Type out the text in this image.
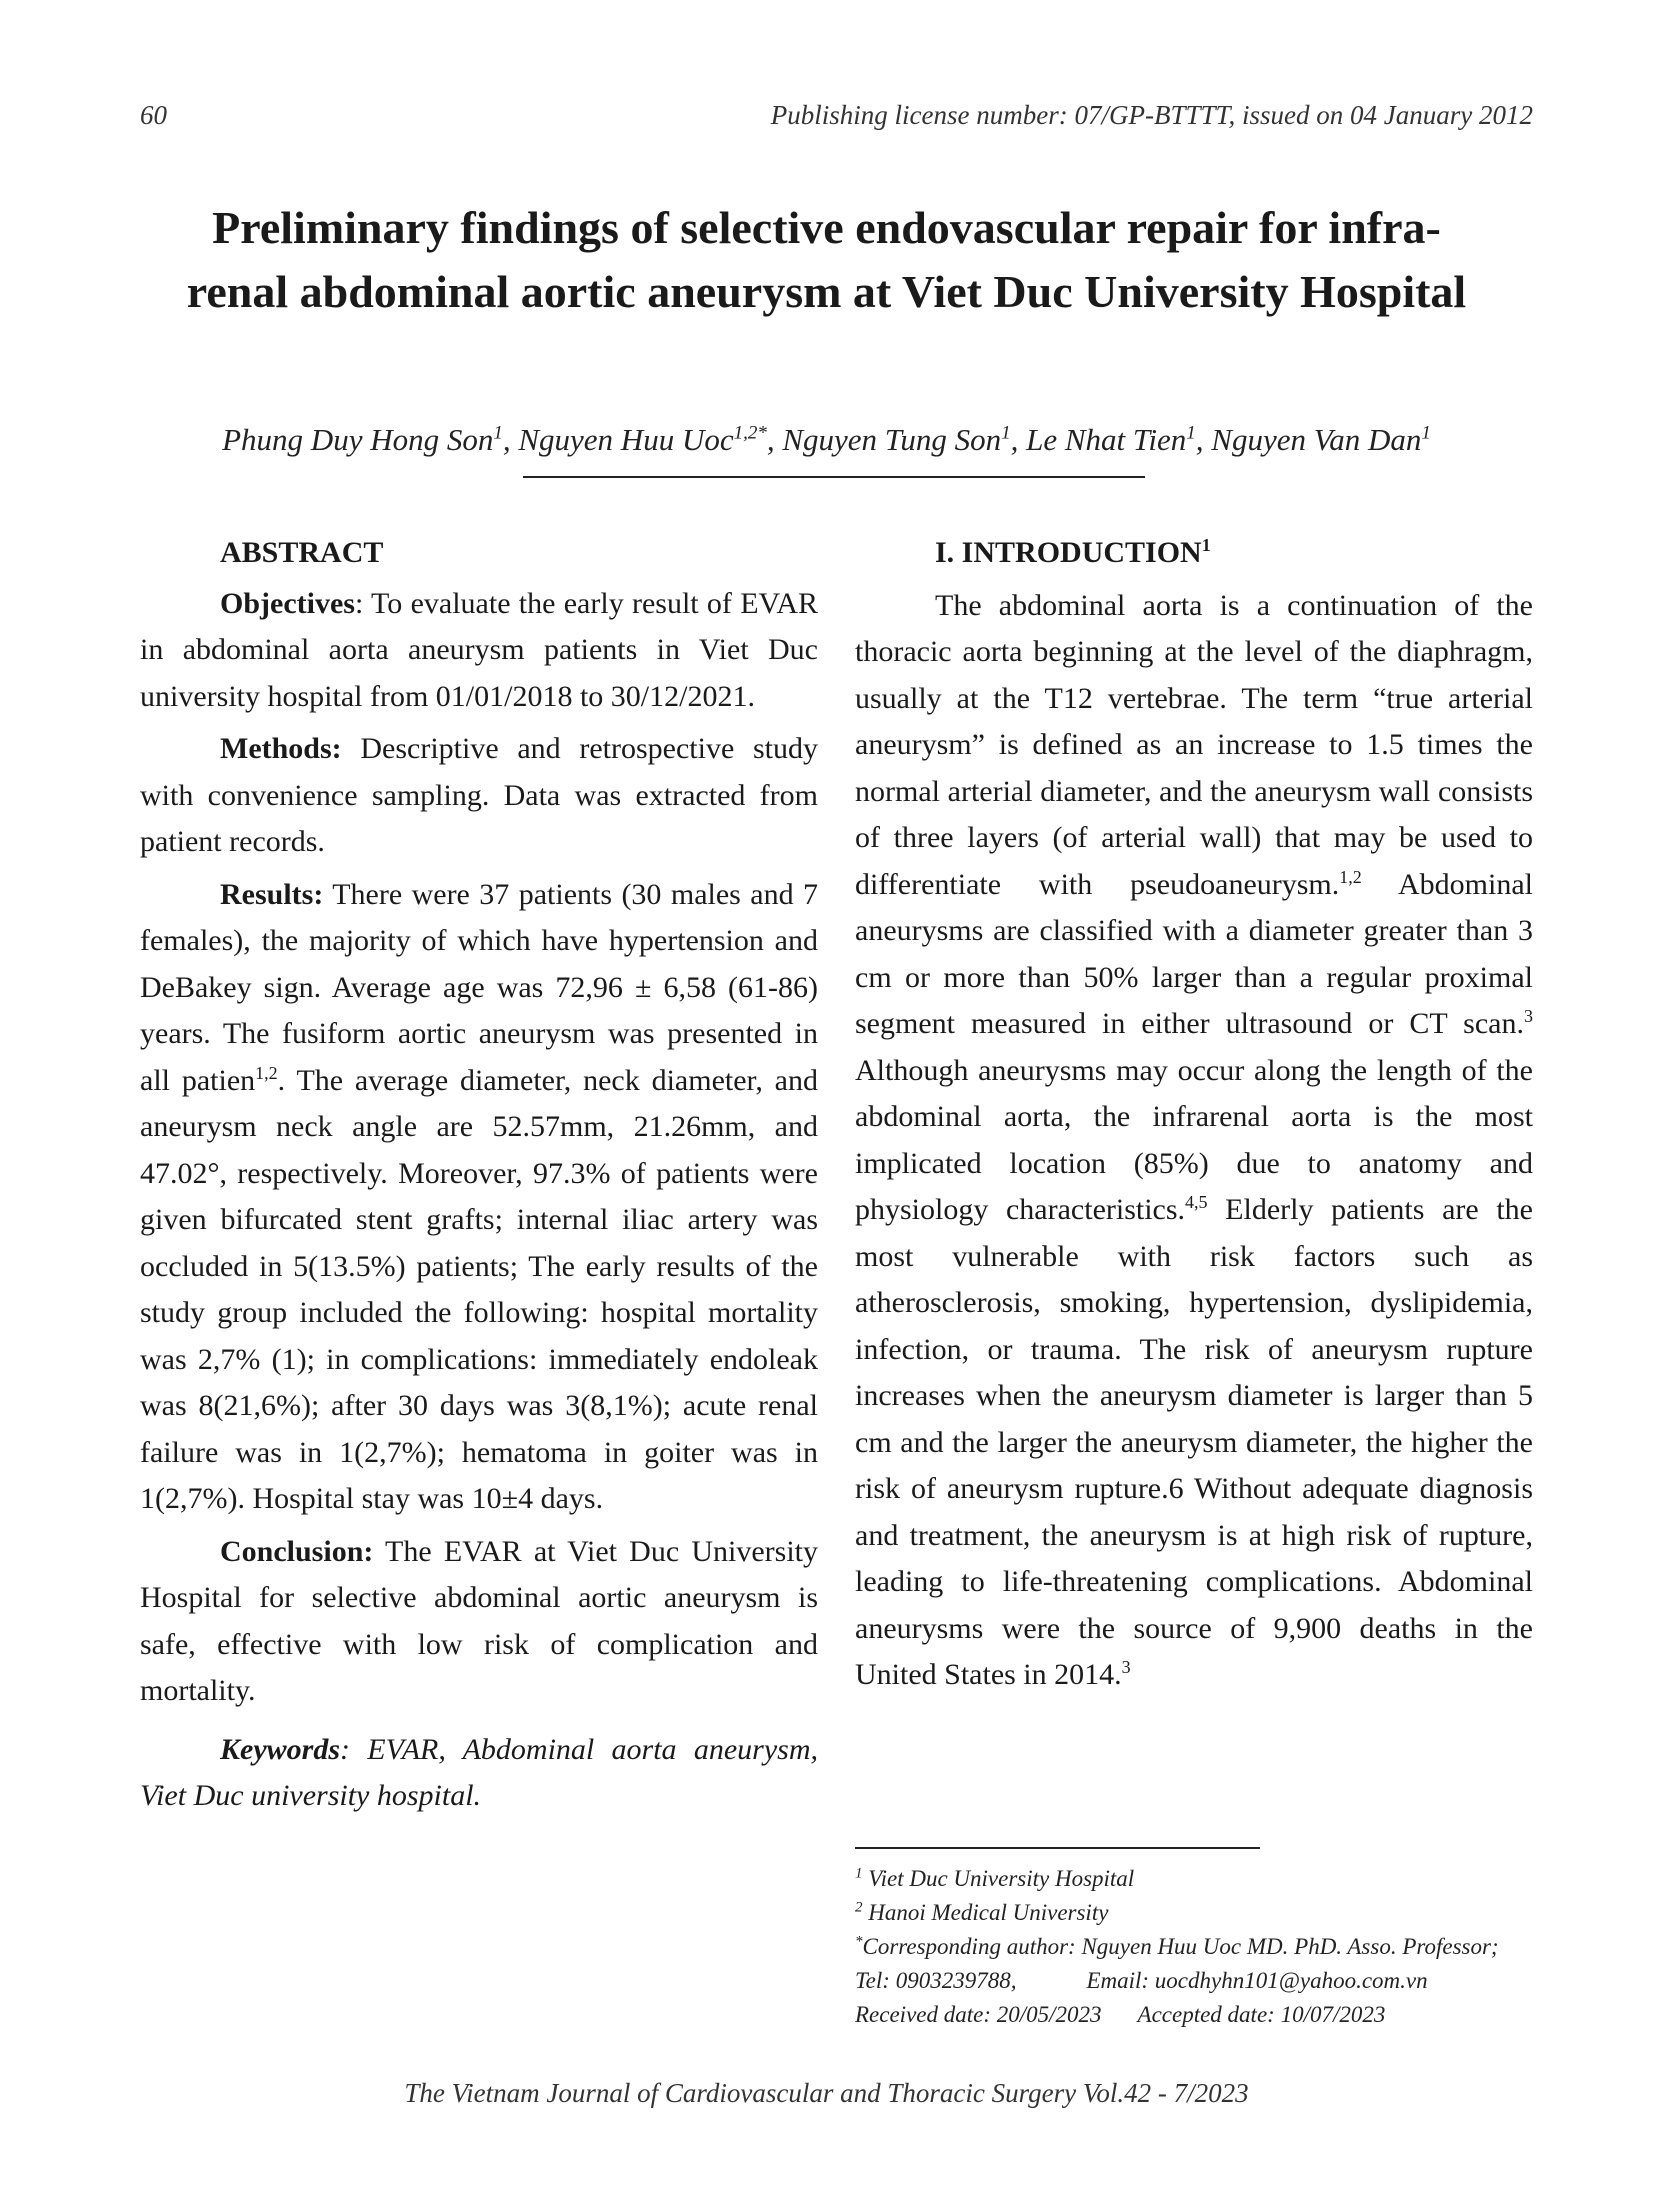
60	Publishing license number: 07/GP-BTTTT, issued on 04 January 2012
Preliminary findings of selective endovascular repair for infra-renal abdominal aortic aneurysm at Viet Duc University Hospital
Phung Duy Hong Son$^1$, Nguyen Huu Uoc$^{1,2*}$, Nguyen Tung Son$^1$, Le Nhat Tien$^1$, Nguyen Van Dan$^1$
ABSTRACT

Objectives: To evaluate the early result of EVAR in abdominal aorta aneurysm patients in Viet Duc university hospital from 01/01/2018 to 30/12/2021.

Methods: Descriptive and retrospective study with convenience sampling. Data was extracted from patient records.

Results: There were 37 patients (30 males and 7 females), the majority of which have hypertension and DeBakey sign. Average age was 72,96 ± 6,58 (61-86) years. The fusiform aortic aneurysm was presented in all patien$^{1,2}$. The average diameter, neck diameter, and aneurysm neck angle are 52.57mm, 21.26mm, and 47.02°, respectively. Moreover, 97.3% of patients were given bifurcated stent grafts; internal iliac artery was occluded in 5(13.5%) patients; The early results of the study group included the following: hospital mortality was 2,7% (1); in complications: immediately endoleak was 8(21,6%); after 30 days was 3(8,1%); acute renal failure was in 1(2,7%); hematoma in goiter was in 1(2,7%). Hospital stay was 10±4 days.

Conclusion: The EVAR at Viet Duc University Hospital for selective abdominal aortic aneurysm is safe, effective with low risk of complication and mortality.

Keywords: EVAR, Abdominal aorta aneurysm, Viet Duc university hospital.

I. INTRODUCTION$^1$

The abdominal aorta is a continuation of the thoracic aorta beginning at the level of the diaphragm, usually at the T12 vertebrae. The term “true arterial aneurysm” is defined as an increase to 1.5 times the normal arterial diameter, and the aneurysm wall consists of three layers (of arterial wall) that may be used to differentiate with pseudoaneurysm.$^{1,2}$ Abdominal aneurysms are classified with a diameter greater than 3 cm or more than 50% larger than a regular proximal segment measured in either ultrasound or CT scan.$^3$ Although aneurysms may occur along the length of the abdominal aorta, the infrarenal aorta is the most implicated location (85%) due to anatomy and physiology characteristics.$^{4,5}$ Elderly patients are the most vulnerable with risk factors such as atherosclerosis, smoking, hypertension, dyslipidemia, infection, or trauma. The risk of aneurysm rupture increases when the aneurysm diameter is larger than 5 cm and the larger the aneurysm diameter, the higher the risk of aneurysm rupture.6 Without adequate diagnosis and treatment, the aneurysm is at high risk of rupture, leading to life-threatening complications. Abdominal aneurysms were the source of 9,900 deaths in the United States in 2014.$^3$

$^1$ Viet Duc University Hospital
$^2$ Hanoi Medical University
*Corresponding author: Nguyen Huu Uoc MD. PhD. Asso. Professor;
Tel: 0903239788,	Email: uocdhyhn101@yahoo.com.vn
Received date: 20/05/2023 Accepted date: 10/07/2023
The Vietnam Journal of Cardiovascular and Thoracic Surgery Vol.42 - 7/2023
